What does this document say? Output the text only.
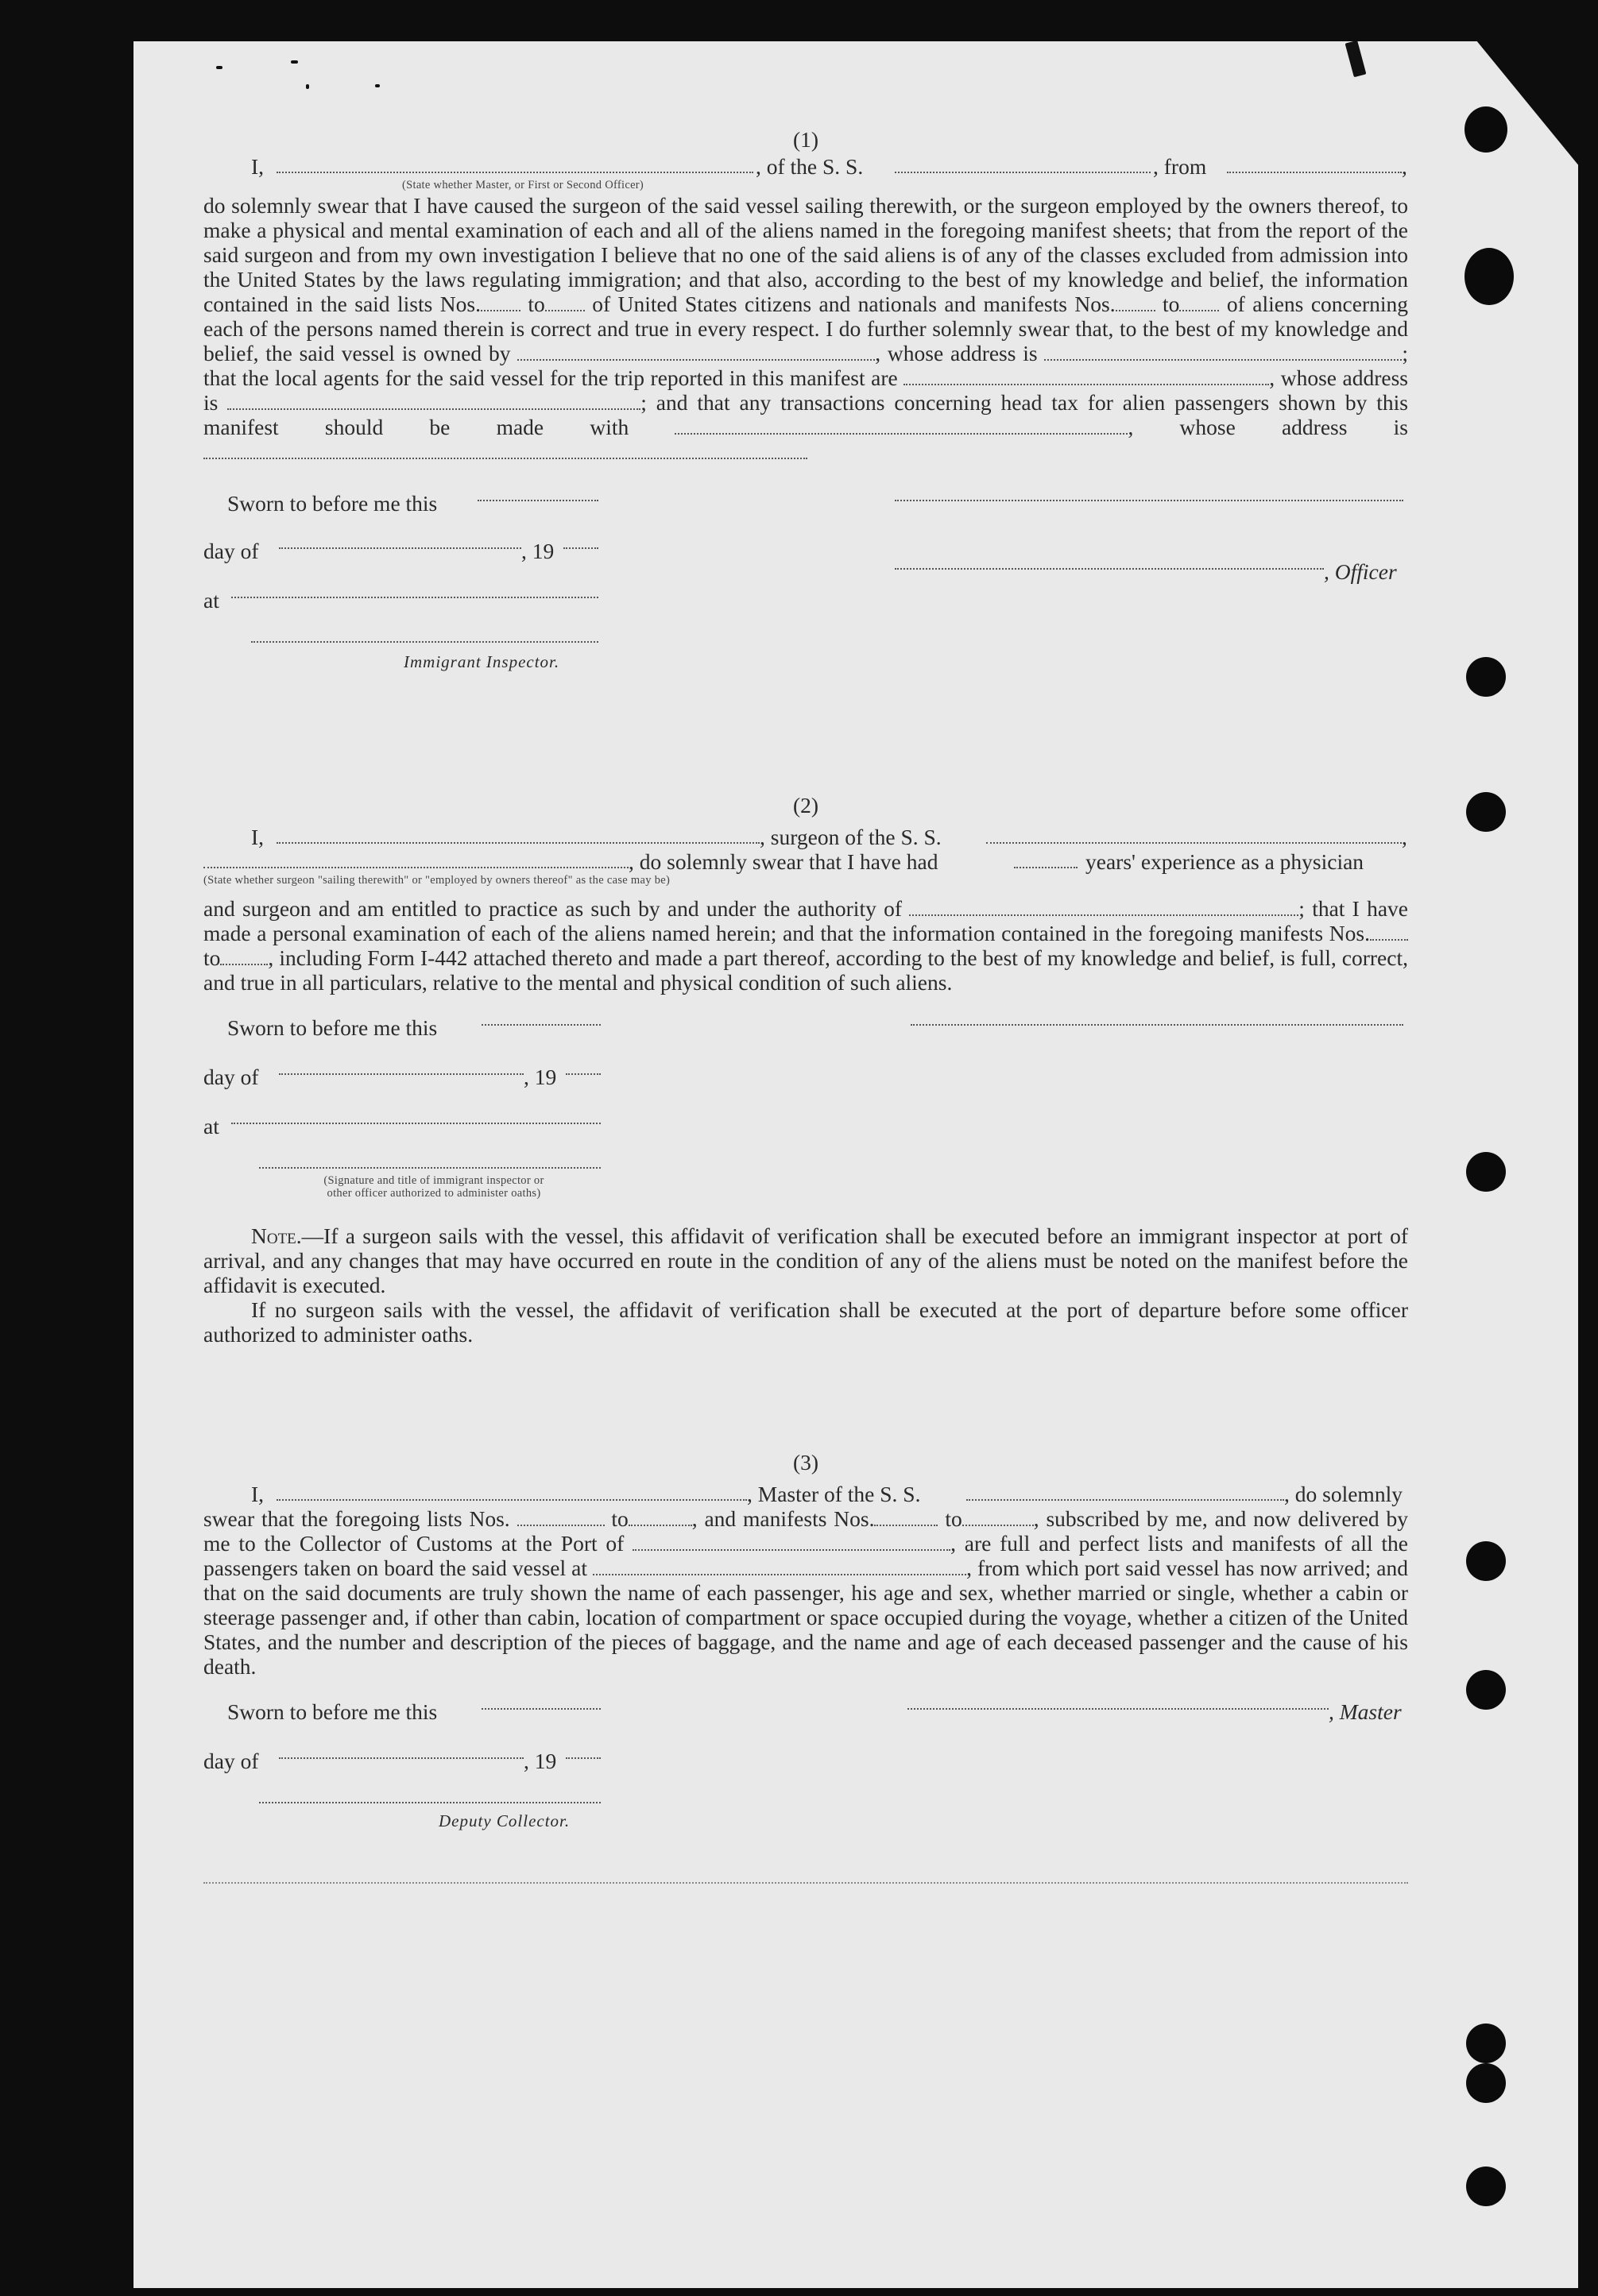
(1)
I,	, of the S. S.	, from	,
(State whether Master, or First or Second Officer)

do solemnly swear that I have caused the surgeon of the said vessel sailing therewith, or the surgeon employed by the owners thereof, to make a physical and mental examination of each and all of the aliens named in the foregoing manifest sheets; that from the report of the said surgeon and from my own investigation I believe that no one of the said aliens is of any of the classes excluded from admission into the United States by the laws regulating immigration; and that also, according to the best of my knowledge and belief, the information contained in the said lists Nos. to of United States citizens and nationals and manifests Nos. to of aliens concerning each of the persons named therein is correct and true in every respect. I do further solemnly swear that, to the best of my knowledge and belief, the said vessel is owned by	, whose address is	; that the local agents for the said vessel for the trip reported in this manifest are	, whose address is	; and that any transactions concerning head tax for alien passengers shown by this manifest should be made with	, whose address is

Sworn to before me this
day of	, 19
, Officer
at
Immigrant Inspector.
(2)
I,	, surgeon of the S. S.	,
, do solemnly swear that I have had	years' experience as a physician
(State whether surgeon "sailing therewith" or "employed by owners thereof" as the case may be)

and surgeon and am entitled to practice as such by and under the authority of	; that I have made a personal examination of each of the aliens named herein; and that the information contained in the foregoing manifests Nos. to , including Form I-442 attached thereto and made a part thereof, according to the best of my knowledge and belief, is full, correct, and true in all particulars, relative to the mental and physical condition of such aliens.

Sworn to before me this
day of	, 19
at
(Signature and title of immigrant inspector or
other officer authorized to administer oaths)

Note.—If a surgeon sails with the vessel, this affidavit of verification shall be executed before an immigrant inspector at port of arrival, and any changes that may have occurred en route in the condition of any of the aliens must be noted on the manifest before the affidavit is executed.

If no surgeon sails with the vessel, the affidavit of verification shall be executed at the port of departure before some officer authorized to administer oaths.

(3)
I,	, Master of the S. S.	, do solemnly

swear that the foregoing lists Nos.	to	, and manifests Nos.	to	, subscribed by me, and now delivered by me to the Collector of Customs at the Port of	, are full and perfect lists and manifests of all the passengers taken on board the said vessel at	, from which port said vessel has now arrived; and that on the said documents are truly shown the name of each passenger, his age and sex, whether married or single, whether a cabin or steerage passenger and, if other than cabin, location of compartment or space occupied during the voyage, whether a citizen of the United States, and the number and description of the pieces of baggage, and the name and age of each deceased passenger and the cause of his death.

Sworn to before me this	, Master
day of	, 19
Deputy Collector.
